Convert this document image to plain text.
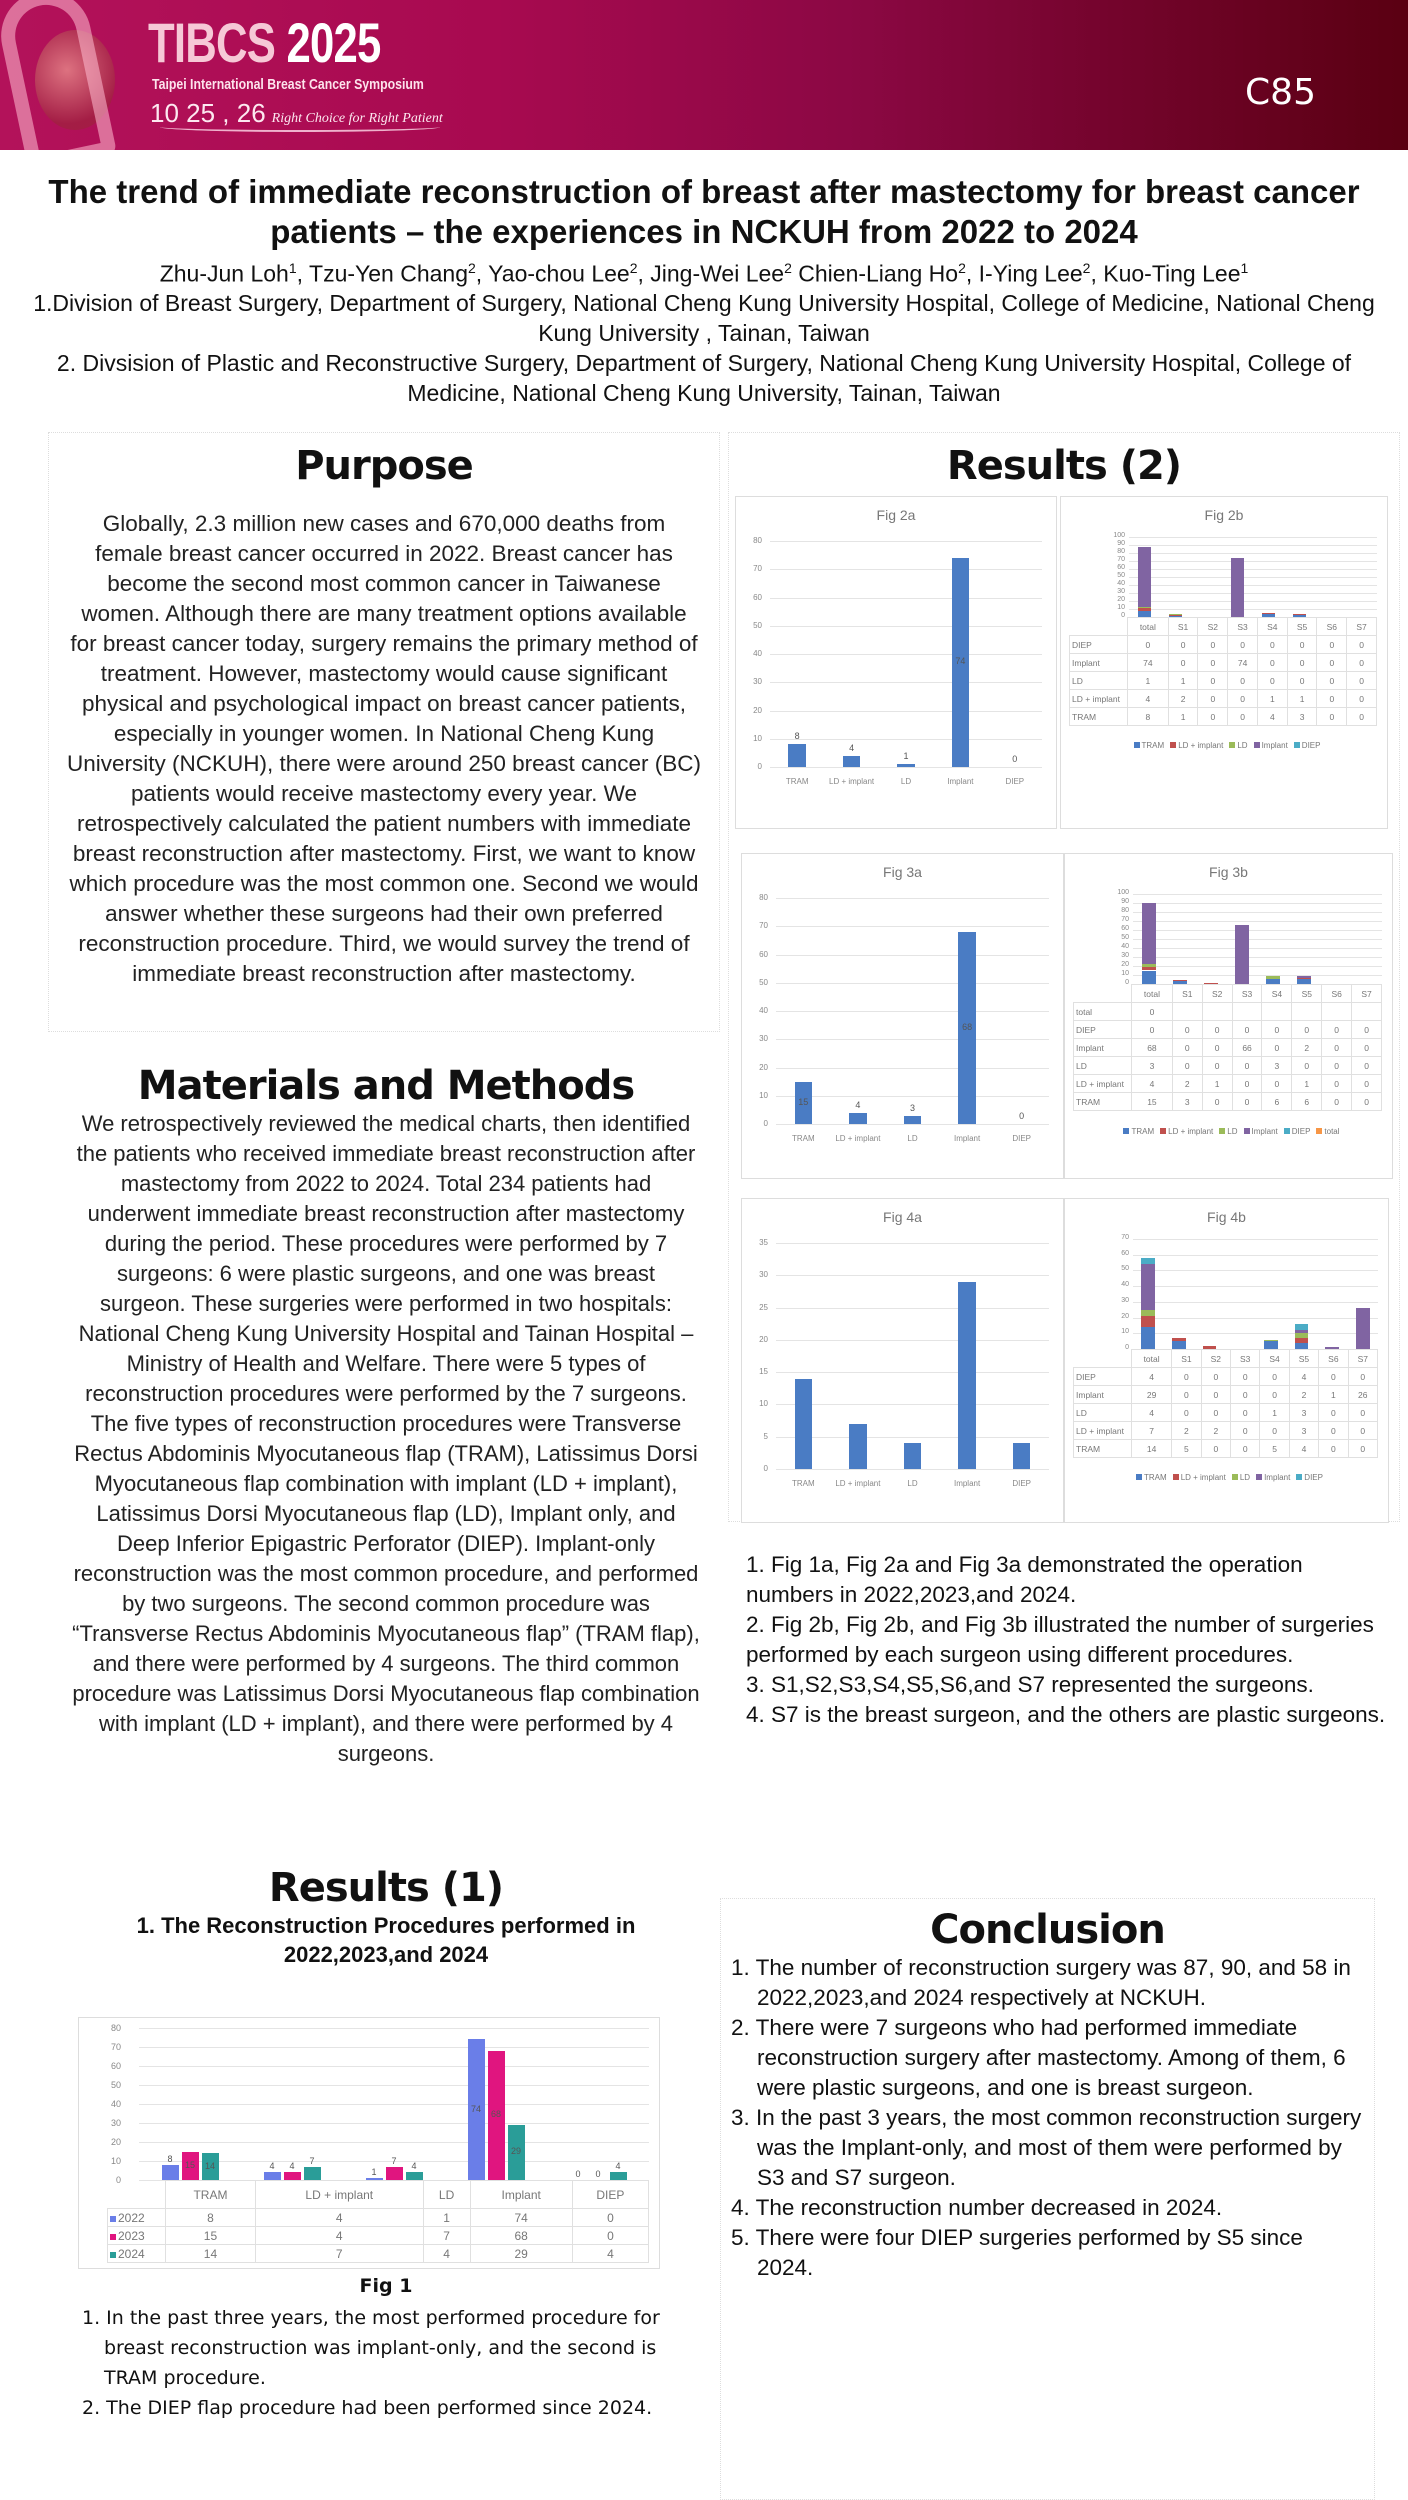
TIBCS 2025
Taipei International Breast Cancer Symposium
10 25 , 26 Right Choice for Right Patient
C85
The trend of immediate reconstruction of breast after mastectomy for breast cancer patients – the experiences in NCKUH from 2022 to 2024
Zhu-Jun Loh$^1$, Tzu-Yen Chang$^2$, Yao-chou Lee$^2$, Jing-Wei Lee$^2$ Chien-Liang Ho$^2$, I-Ying Lee$^2$, Kuo-Ting Lee$^1$
1.Division of Breast Surgery, Department of Surgery, National Cheng Kung University Hospital, College of Medicine, National Cheng Kung University , Tainan, Taiwan
2. Divsision of Plastic and Reconstructive Surgery, Department of Surgery, National Cheng Kung University Hospital, College of Medicine, National Cheng Kung University, Tainan, Taiwan
Purpose
Globally, 2.3 million new cases and 670,000 deaths from female breast cancer occurred in 2022. Breast cancer has become the second most common cancer in Taiwanese women. Although there are many treatment options available for breast cancer today, surgery remains the primary method of treatment. However, mastectomy would cause significant physical and psychological impact on breast cancer patients, especially in younger women. In National Cheng Kung University (NCKUH), there were around 250 breast cancer (BC) patients would receive mastectomy every year. We retrospectively calculated the patient numbers with immediate breast reconstruction after mastectomy. First, we want to know which procedure was the most common one. Second we would answer whether these surgeons had their own preferred reconstruction procedure. Third, we would survey the trend of immediate breast reconstruction after mastectomy.
Materials and Methods
We retrospectively reviewed the medical charts, then identified the patients who received immediate breast reconstruction after mastectomy from 2022 to 2024. Total 234 patients had underwent immediate breast reconstruction after mastectomy during the period. These procedures were performed by 7 surgeons: 6 were plastic surgeons, and one was breast surgeon. These surgeries were performed in two hospitals: National Cheng Kung University Hospital and Tainan Hospital – Ministry of Health and Welfare. There were 5 types of reconstruction procedures were performed by the 7 surgeons. The five types of reconstruction procedures were Transverse Rectus Abdominis Myocutaneous flap (TRAM), Latissimus Dorsi Myocutaneous flap combination with implant (LD + implant), Latissimus Dorsi Myocutaneous flap (LD), Implant only, and Deep Inferior Epigastric Perforator (DIEP). Implant-only reconstruction was the most common procedure, and performed by two surgeons. The second common procedure was “Transverse Rectus Abdominis Myocutaneous flap” (TRAM flap), and there were performed by 4 surgeons. The third common procedure was Latissimus Dorsi Myocutaneous flap combination with implant (LD + implant), and there were performed by 4 surgeons.
Results (1)
1. The Reconstruction Procedures performed in 2022,2023,and 2024
0
10
20
30
40
50
60
70
80
8
15	14	4	4
7
1
7
4
74
68
29
0	0
4
	TRAM	LD + implant	LD	Implant	DIEP
2022	8	4	1	74	0
2023	15	4	7	68	0
2024	14	7	4	29	4
Fig 1
1. In the past three years, the most performed procedure for breast reconstruction was implant-only, and the second is TRAM procedure.
2. The DIEP flap procedure had been performed since 2024.
Results (2)
Fig 2a
0
10
20
30
40
50
60
70
80
8
TRAM
4
LD + implant
1
LD
74
Implant
0
DIEP
Fig 2b
0
10
20
30
40
50
60
70
80
90
100
	total	S1	S2	S3	S4	S5	S6	S7
DIEP	0	0	0	0	0	0	0	0
Implant	74	0	0	74	0	0	0	0
LD	1	1	0	0	0	0	0	0
LD + implant	4	2	0	0	1	1	0	0
TRAM	8	1	0	0	4	3	0	0
TRAM LD + implant LD Implant DIEP
Fig 3a
0
10
20
30
40
50
60
70
80
15
TRAM
4
LD + implant
3
LD
68
Implant
0
DIEP
Fig 3b
0
10
20
30
40
50
60
70
80
90
100
	total	S1	S2	S3	S4	S5	S6	S7
total	0							
DIEP	0	0	0	0	0	0	0	0
Implant	68	0	0	66	0	2	0	0
LD	3	0	0	0	3	0	0	0
LD + implant	4	2	1	0	0	1	0	0
TRAM	15	3	0	0	6	6	0	0
TRAM LD + implant LD Implant DIEP total
Fig 4a
0
5
10
15
20
25
30
35
TRAM	LD + implant	LD	Implant	DIEP
Fig 4b
0
10
20
30
40
50
60
70
	total	S1	S2	S3	S4	S5	S6	S7
DIEP	4	0	0	0	0	4	0	0
Implant	29	0	0	0	0	2	1	26
LD	4	0	0	0	1	3	0	0
LD + implant	7	2	2	0	0	3	0	0
TRAM	14	5	0	0	5	4	0	0
TRAM LD + implant LD Implant DIEP
1. Fig 1a, Fig 2a and Fig 3a demonstrated the operation numbers in 2022,2023,and 2024.
2. Fig 2b, Fig 2b, and Fig 3b illustrated the number of surgeries performed by each surgeon using different procedures.
3. S1,S2,S3,S4,S5,S6,and S7 represented the surgeons.
4. S7 is the breast surgeon, and the others are plastic surgeons.
Conclusion
1. The number of reconstruction surgery was 87, 90, and 58 in 2022,2023,and 2024 respectively at NCKUH.
2. There were 7 surgeons who had performed immediate reconstruction surgery after mastectomy. Among of them, 6 were plastic surgeons, and one is breast surgeon.
3. In the past 3 years, the most common reconstruction surgery was the Implant-only, and most of them were performed by S3 and S7 surgeon.
4. The reconstruction number decreased in 2024.
5. There were four DIEP surgeries performed by S5 since 2024.
